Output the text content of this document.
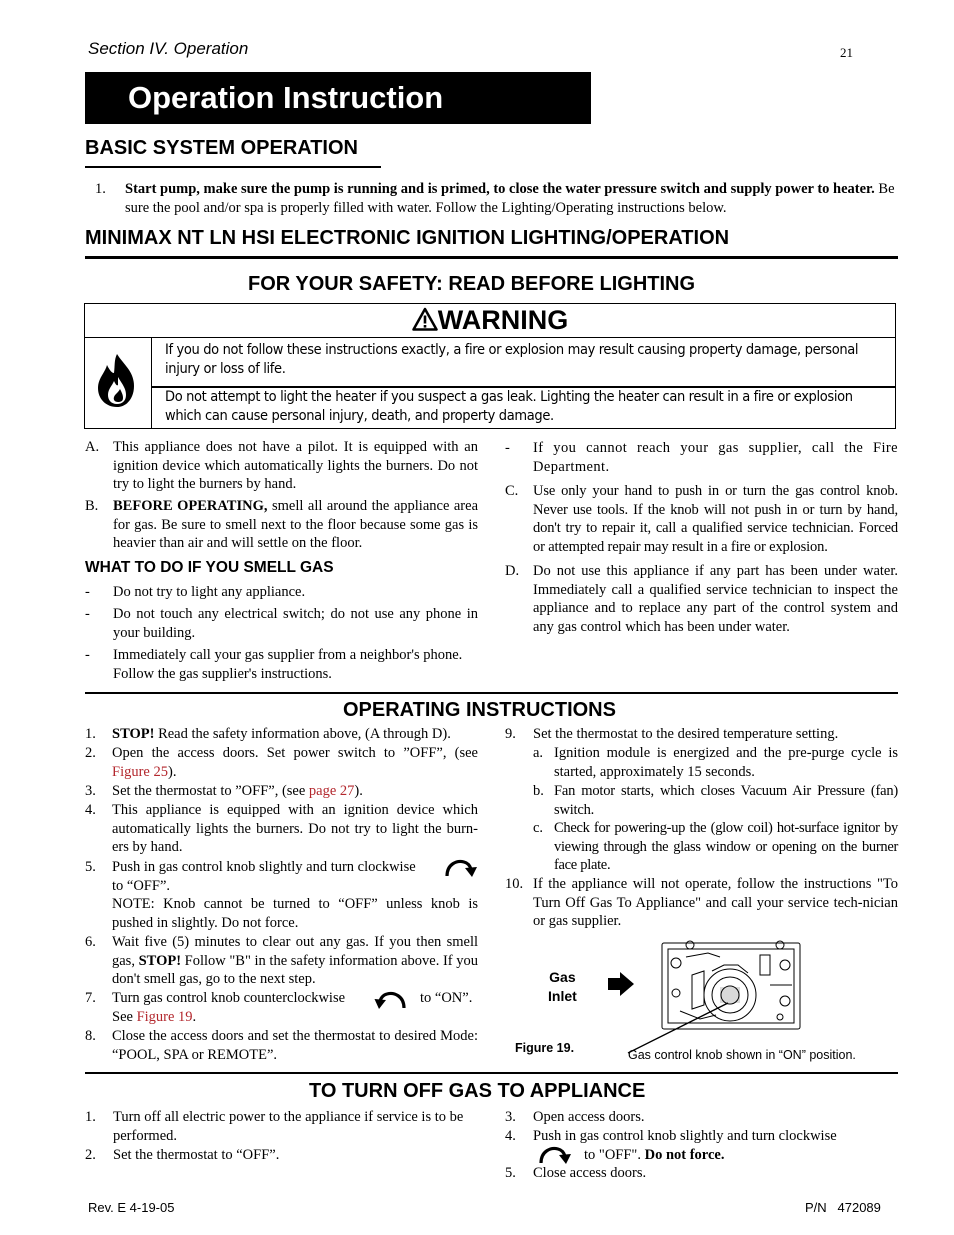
Section IV. Operation	21
Operation Instruction
BASIC SYSTEM OPERATION
1. Start pump, make sure the pump is running and is primed, to close the water pressure switch and supply power to heater. Be sure the pool and/or spa is properly filled with water. Follow the Lighting/Operating instructions below.
MINIMAX NT LN HSI ELECTRONIC IGNITION LIGHTING/OPERATION
FOR YOUR SAFETY: READ BEFORE LIGHTING
WARNING
If you do not follow these instructions exactly, a fire or explosion may result causing property damage, personal injury or loss of life.
Do not attempt to light the heater if you suspect a gas leak. Lighting the heater can result in a fire or explosion which can cause personal injury, death, and property damage.
A. This appliance does not have a pilot. It is equipped with an ignition device which automatically lights the burners. Do not try to light the burners by hand.
B. BEFORE OPERATING, smell all around the appliance area for gas. Be sure to smell next to the floor because some gas is heavier than air and will settle on the floor.
WHAT TO DO IF YOU SMELL GAS
- Do not try to light any appliance.
- Do not touch any electrical switch; do not use any phone in your building.
- Immediately call your gas supplier from a neighbor's phone. Follow the gas supplier's instructions.
- If you cannot reach your gas supplier, call the Fire Department.
C. Use only your hand to push in or turn the gas control knob. Never use tools. If the knob will not push in or turn by hand, don't try to repair it, call a qualified service technician. Forced or attempted repair may result in a fire or explosion.
D. Do not use this appliance if any part has been under water. Immediately call a qualified service technician to inspect the appliance and to replace any part of the control system and any gas control which has been under water.
OPERATING INSTRUCTIONS
1. STOP! Read the safety information above, (A through D).
2. Open the access doors. Set power switch to ”OFF”, (see Figure 25).
3. Set the thermostat to ”OFF”, (see page 27).
4. This appliance is equipped with an ignition device which automatically lights the burners. Do not try to light the burn-ers by hand.
5. Push in gas control knob slightly and turn clockwise
to “OFF”.
NOTE: Knob cannot be turned to “OFF” unless knob is pushed in slightly. Do not force.
6. Wait five (5) minutes to clear out any gas. If you then smell gas, STOP! Follow "B" in the safety information above. If you don't smell gas, go to the next step.
7. Turn gas control knob counterclockwise	to “ON”.
See Figure 19.
8. Close the access doors and set the thermostat to desired Mode: “POOL, SPA or REMOTE”.
9. Set the thermostat to the desired temperature setting.
a. Ignition module is energized and the pre-purge cycle is started, approximately 15 seconds.
b. Fan motor starts, which closes Vacuum Air Pressure (fan) switch.
c. Check for powering-up the (glow coil) hot-surface ignitor by viewing through the glass window or opening on the burner face plate.
10. If the appliance will not operate, follow the instructions "To Turn Off Gas To Appliance" and call your service tech-nician or gas supplier.
Gas
Inlet
Figure 19.	Gas control knob shown in “ON” position.
TO TURN OFF GAS TO APPLIANCE
1. Turn off all electric power to the appliance if service is to be performed.
2. Set the thermostat to “OFF”.
3. Open access doors.
4. Push in gas control knob slightly and turn clockwise
to "OFF". Do not force.
5. Close access doors.
Rev. E 4-19-05	P/N   472089
